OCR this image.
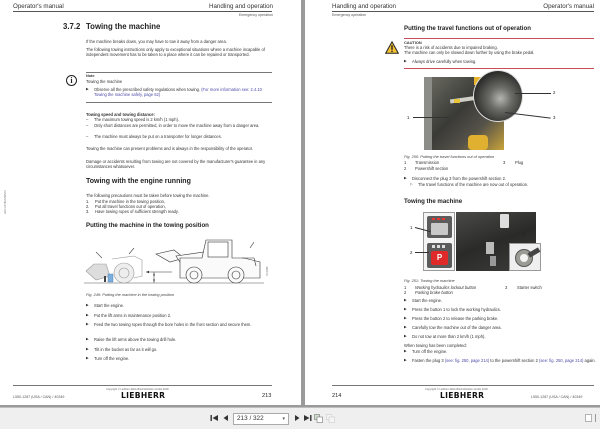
Operator's manual	Handling and operation
Emergency operation
3.7.2 Towing the machine
If the machine breaks down, you may have to tow it away from a danger area.
The following towing instructions only apply to exceptional situations where a machine incapable of independent movement has to be taken to a place where it can be repaired or transported.
i	Note
Towing the machine
▶ Observe all the prescribed safety regulations when towing. (For more information see: 2.4.10 Towing the machine safely, page 62)
Towing speed and towing distance:
– The maximum towing speed is 2 km/h (1 mph).
– Only short distances are permitted, in order to move the machine away from a danger area.
– The machine must always be put on a transporter for longer distances.
Towing the machine can present problems and is always in the responsibility of the operator.
Damage or accidents resulting from towing are not covered by the manufacturer's guarantee in any circumstances whatsoever.
Towing with the engine running
The following precautions must be taken before towing the machine.
1. Put the machine in the towing position,
2. Put all travel functions out of operation,
3. Have towing ropes of sufficient strength ready.
Putting the machine in the towing position
OGR089
Fig. 249: Putting the machine in the towing position
▶ Start the engine.
▶ Put the lift arms in maintenance position 2.
▶ Feed the two towing ropes through the bore holes in the front section and secure them.
▶ Raise the lift arms above the towing drill hole.
▶ Tilt in the bucket as far as it will go.
▶ Turn off the engine.
LWC-0078FAZ/65F4
L550-1287 (USA / CAN) / 40349
Copyright © Liebherr-Werk Bischofshofen GmbH 2018
LIEBHERR	213
Handling and operation	Operator's manual
Emergency operation
Putting the travel functions out of operation
CAUTION
There is a risk of accidents due to impaired braking.
The machine can only be slowed down further by using the brake pedal.
▶ Always drive carefully when towing.
2
3
1
Fig. 250: Putting the travel functions out of operation
1 Transmission
2 Powershift section
3 Plug
▶ Disconnect the plug 3 from the powershift section 2.
▷ The travel functions of the machine are now out of operation.
Towing the machine
P
1
2
3
Fig. 251: Towing the machine
1 Working hydraulics lockout button
2 Parking brake button
3 Starter switch
▶ Start the engine.
▶ Press the button 1 to lock the working hydraulics.
▶ Press the button 2 to release the parking brake.
▶ Carefully tow the machine out of the danger area.
▶ Do not tow at more than 2 km/h (1 mph).
When towing has been completed:
▶ Turn off the engine.
▶ Fasten the plug 3 (see: fig. 250, page 214) to the powershift section 2 (see: fig. 250, page 214) again.
214
Copyright © Liebherr-Werk Bischofshofen GmbH 2018
LIEBHERR	L550-1287 (USA / CAN) / 40349
213 / 322	▾
